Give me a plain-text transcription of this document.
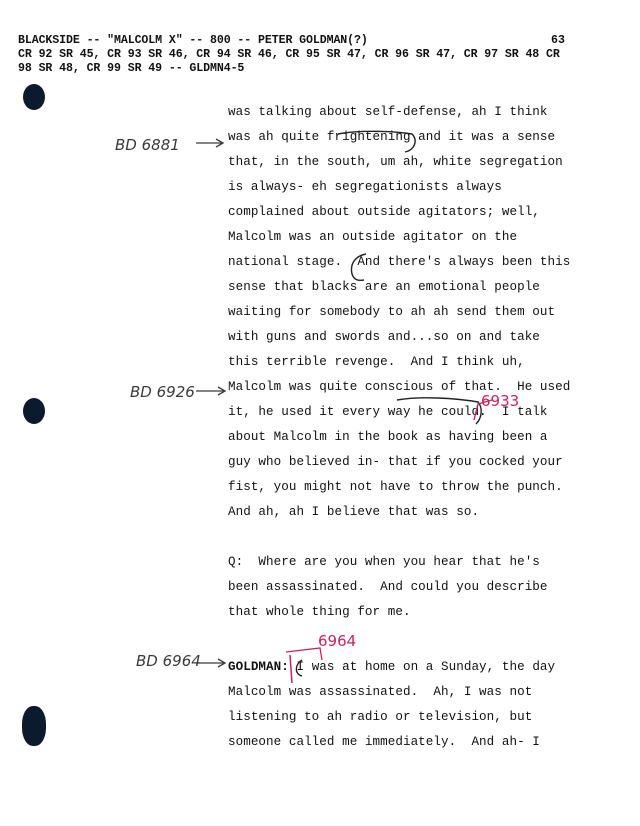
BLACKSIDE -- "MALCOLM X" -- 800 -- PETER GOLDMAN(?)
CR 92 SR 45, CR 93 SR 46, CR 94 SR 46, CR 95 SR 47, CR 96 SR 47, CR 97 SR 48 CR
98 SR 48, CR 99 SR 49 -- GLDMN4-5
63
was talking about self-defense, ah I think
was ah quite frightening and it was a sense
that, in the south, um ah, white segregation
is always- eh segregationists always
complained about outside agitators; well,
Malcolm was an outside agitator on the
national stage.  And there's always been this
sense that blacks are an emotional people
waiting for somebody to ah ah send them out
with guns and swords and...so on and take
this terrible revenge.  And I think uh,
Malcolm was quite conscious of that.  He used
it, he used it every way he could.  I talk
about Malcolm in the book as having been a
guy who believed in- that if you cocked your
fist, you might not have to throw the punch.
And ah, ah I believe that was so.
Q:  Where are you when you hear that he's
been assassinated.  And could you describe
that whole thing for me.
GOLDMAN: I was at home on a Sunday, the day
Malcolm was assassinated.  Ah, I was not
listening to ah radio or television, but
someone called me immediately.  And ah- I
BD 6881
BD 6926	6933
BD 6964
6964
